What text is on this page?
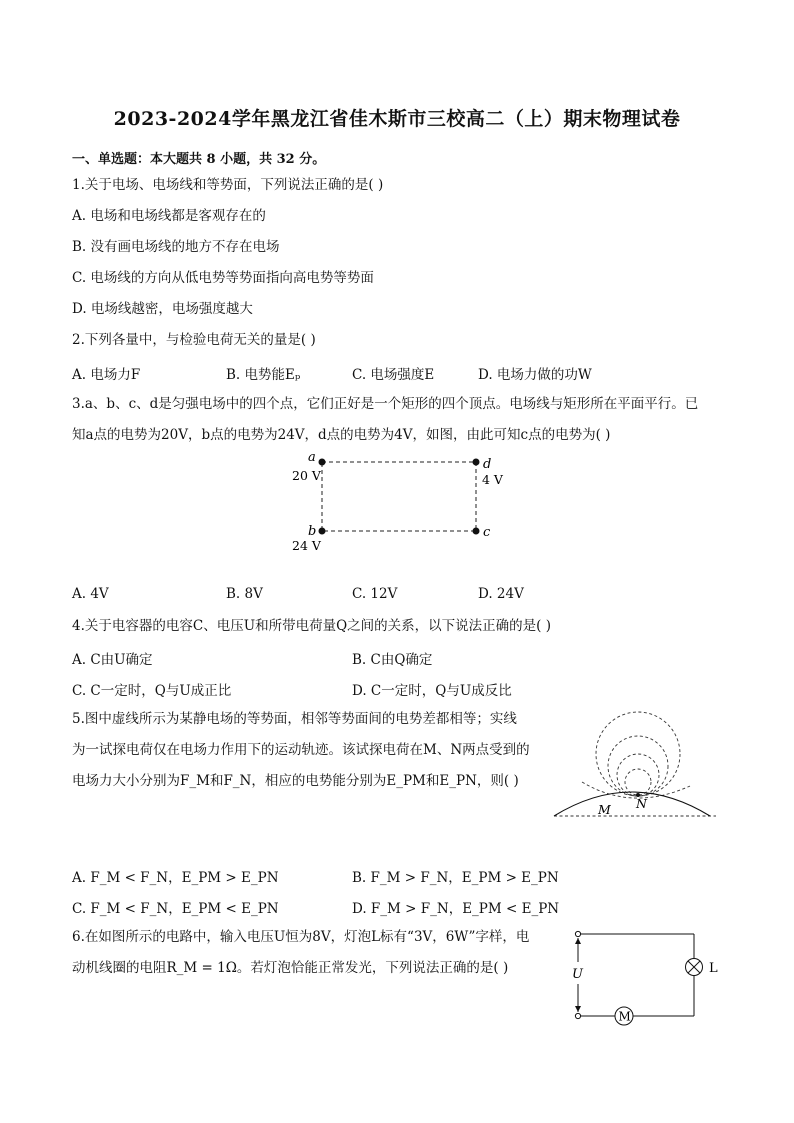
2023-2024学年黑龙江省佳木斯市三校高二（上）期末物理试卷
一、单选题：本大题共 8 小题，共 32 分。
1.关于电场、电场线和等势面，下列说法正确的是( )
A. 电场和电场线都是客观存在的
B. 没有画电场线的地方不存在电场
C. 电场线的方向从低电势等势面指向高电势等势面
D. 电场线越密，电场强度越大
2.下列各量中，与检验电荷无关的量是( )
A. 电场力F	B. 电势能Eₚ	C. 电场强度E	D. 电场力做的功W
3.a、b、c、d是匀强电场中的四个点，它们正好是一个矩形的四个顶点。电场线与矩形所在平面平行。已
知a点的电势为20V，b点的电势为24V，d点的电势为4V，如图，由此可知c点的电势为( )
a
20 V
d
4 V
b
24 V
c
A. 4V	B. 8V	C. 12V	D. 24V
4.关于电容器的电容C、电压U和所带电荷量Q之间的关系，以下说法正确的是( )
A. C由U确定	B. C由Q确定
C. C一定时，Q与U成正比	D. C一定时，Q与U成反比
5.图中虚线所示为某静电场的等势面，相邻等势面间的电势差都相等；实线
为一试探电荷仅在电场力作用下的运动轨迹。该试探电荷在M、N两点受到的
电场力大小分别为F_M和F_N，相应的电势能分别为E_PM和E_PN，则( )
M N
A. F_M < F_N，E_PM > E_PN	B. F_M > F_N，E_PM > E_PN
C. F_M < F_N，E_PM < E_PN	D. F_M > F_N，E_PM < E_PN
6.在如图所示的电路中，输入电压U恒为8V，灯泡L标有“3V，6W”字样，电
动机线圈的电阻R_M = 1Ω。若灯泡恰能正常发光，下列说法正确的是( )	U	L
M
